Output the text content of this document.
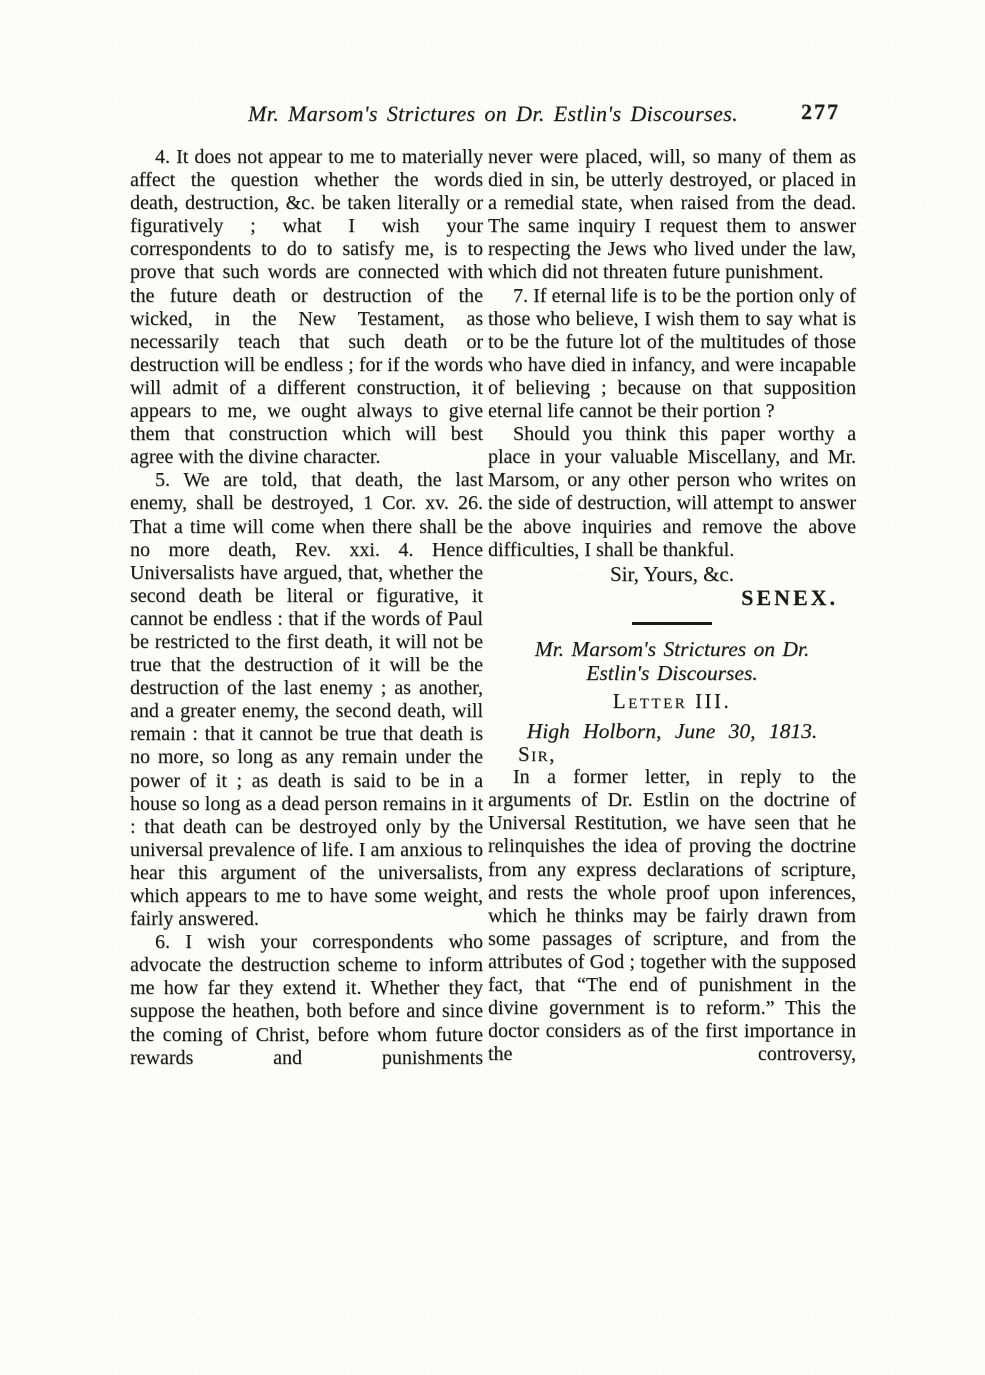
Mr. Marsom's Strictures on Dr. Estlin's Discourses.	277

4. It does not appear to me to materially affect the question whether the words death, destruction, &c. be taken literally or figuratively ; what I wish your correspondents to do to satisfy me, is to prove that such words are connected with the future death or destruction of the wicked, in the New Testament, as necessarily teach that such death or destruction will be endless ; for if the words will admit of a different construction, it appears to me, we ought always to give them that construction which will best agree with the divine character.

5. We are told, that death, the last enemy, shall be destroyed, 1 Cor. xv. 26. That a time will come when there shall be no more death, Rev. xxi. 4. Hence Universalists have argued, that, whether the second death be literal or figurative, it cannot be endless : that if the words of Paul be restricted to the first death, it will not be true that the destruction of it will be the destruction of the last enemy ; as another, and a greater enemy, the second death, will remain : that it cannot be true that death is no more, so long as any remain under the power of it ; as death is said to be in a house so long as a dead person remains in it : that death can be destroyed only by the universal prevalence of life. I am anxious to hear this argument of the universalists, which appears to me to have some weight, fairly answered.

6. I wish your correspondents who advocate the destruction scheme to inform me how far they extend it. Whether they suppose the heathen, both before and since the coming of Christ, before whom future rewards and punishments

never were placed, will, so many of them as died in sin, be utterly destroyed, or placed in a remedial state, when raised from the dead. The same inquiry I request them to answer respecting the Jews who lived under the law, which did not threaten future punishment.

7. If eternal life is to be the portion only of those who believe, I wish them to say what is to be the future lot of the multitudes of those who have died in infancy, and were incapable of believing ; because on that supposition eternal life cannot be their portion ?

Should you think this paper worthy a place in your valuable Miscellany, and Mr. Marsom, or any other person who writes on the side of destruction, will attempt to answer the above inquiries and remove the above difficulties, I shall be thankful.

Sir, Yours, &c.

SENEX.

Mr. Marsom's Strictures on Dr. Estlin's Discourses.
Letter III.

High Holborn, June 30, 1813.

Sir,

In a former letter, in reply to the arguments of Dr. Estlin on the doctrine of Universal Restitution, we have seen that he relinquishes the idea of proving the doctrine from any express declarations of scripture, and rests the whole proof upon inferences, which he thinks may be fairly drawn from some passages of scripture, and from the attributes of God ; together with the supposed fact, that “The end of punishment in the divine government is to reform.” This the doctor considers as of the first importance in the controversy,
